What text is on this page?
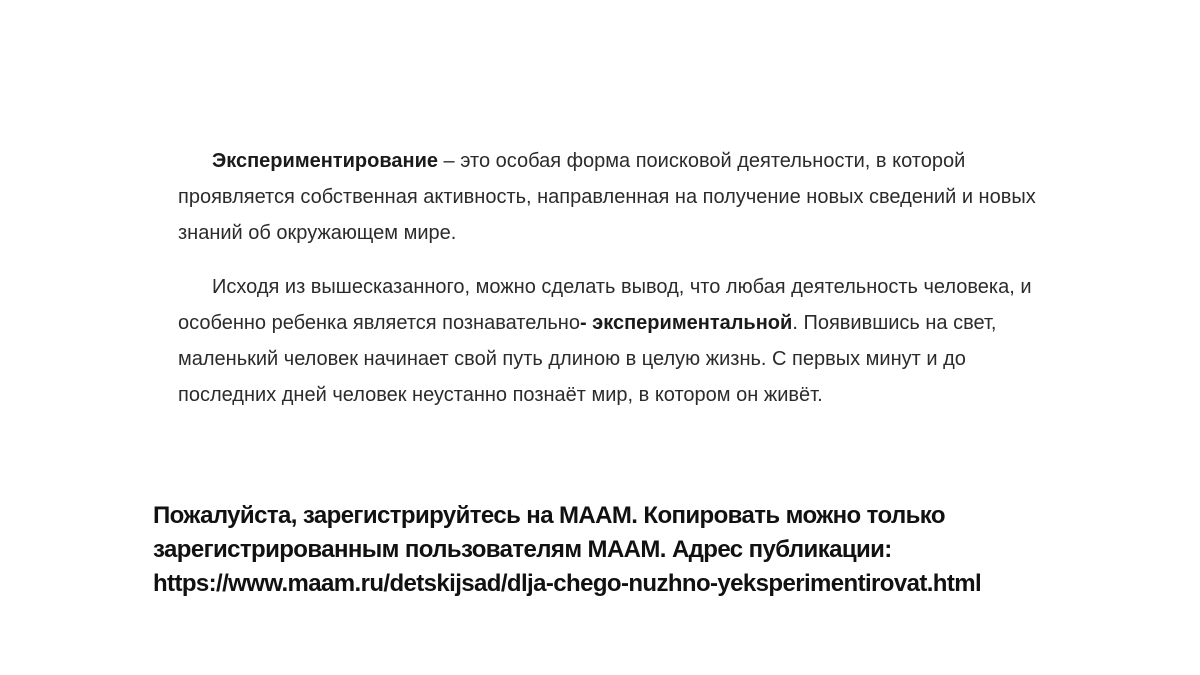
Экспериментирование – это особая форма поисковой деятельности, в которой проявляется собственная активность, направленная на получение новых сведений и новых знаний об окружающем мире.

Исходя из вышесказанного, можно сделать вывод, что любая деятельность человека, и особенно ребенка является познавательно- экспериментальной. Появившись на свет, маленький человек начинает свой путь длиною в целую жизнь. С первых минут и до последних дней человек неустанно познаёт мир, в котором он живёт.

Пожалуйста, зарегистрируйтесь на MAAM. Копировать можно только
зарегистрированным пользователям MAAM. Адрес публикации:
https://www.maam.ru/detskijsad/dlja-chego-nuzhno-yeksperimentirovat.html
